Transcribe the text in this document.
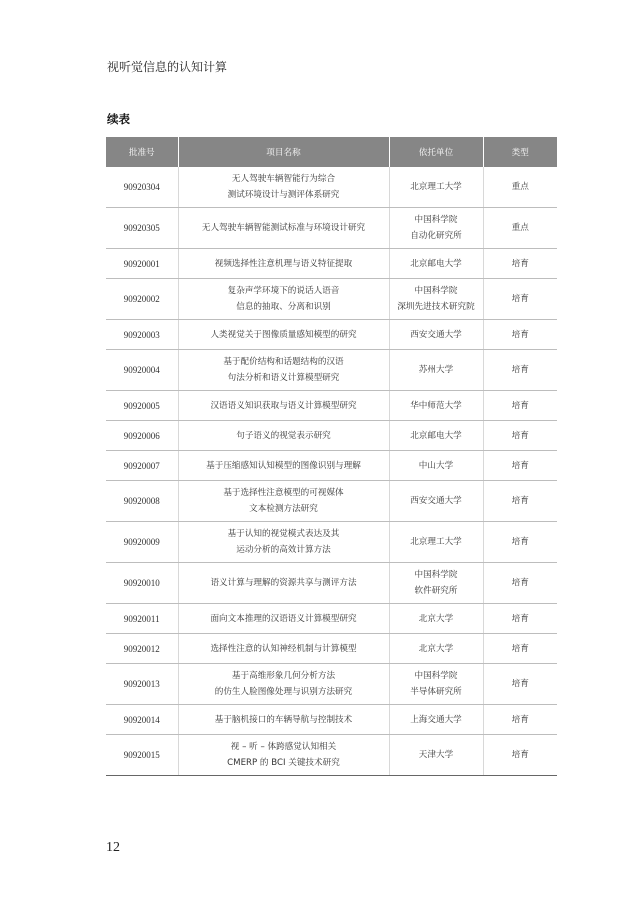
视听觉信息的认知计算
续表
批准号	项目名称	依托单位	类型
90920304	无人驾驶车辆智能行为综合
测试环境设计与测评体系研究	北京理工大学	重点
90920305	无人驾驶车辆智能测试标准与环境设计研究	中国科学院
自动化研究所	重点
90920001	视频选择性注意机理与语义特征提取	北京邮电大学	培育
90920002	复杂声学环境下的说话人语音
信息的抽取、分离和识别	中国科学院
深圳先进技术研究院	培育
90920003	人类视觉关于图像质量感知模型的研究	西安交通大学	培育
90920004	基于配价结构和话题结构的汉语
句法分析和语义计算模型研究	苏州大学	培育
90920005	汉语语义知识获取与语义计算模型研究	华中师范大学	培育
90920006	句子语义的视觉表示研究	北京邮电大学	培育
90920007	基于压缩感知认知模型的图像识别与理解	中山大学	培育
90920008	基于选择性注意模型的可视媒体
文本检测方法研究	西安交通大学	培育
90920009	基于认知的视觉模式表达及其
运动分析的高效计算方法	北京理工大学	培育
90920010	语义计算与理解的资源共享与测评方法	中国科学院
软件研究所	培育
90920011	面向文本推理的汉语语义计算模型研究	北京大学	培育
90920012	选择性注意的认知神经机制与计算模型	北京大学	培育
90920013	基于高维形象几何分析方法
的仿生人脸图像处理与识别方法研究	中国科学院
半导体研究所	培育
90920014	基于脑机接口的车辆导航与控制技术	上海交通大学	培育
90920015	视 – 听 – 体跨感觉认知相关
CMERP 的 BCI 关键技术研究	天津大学	培育
12
